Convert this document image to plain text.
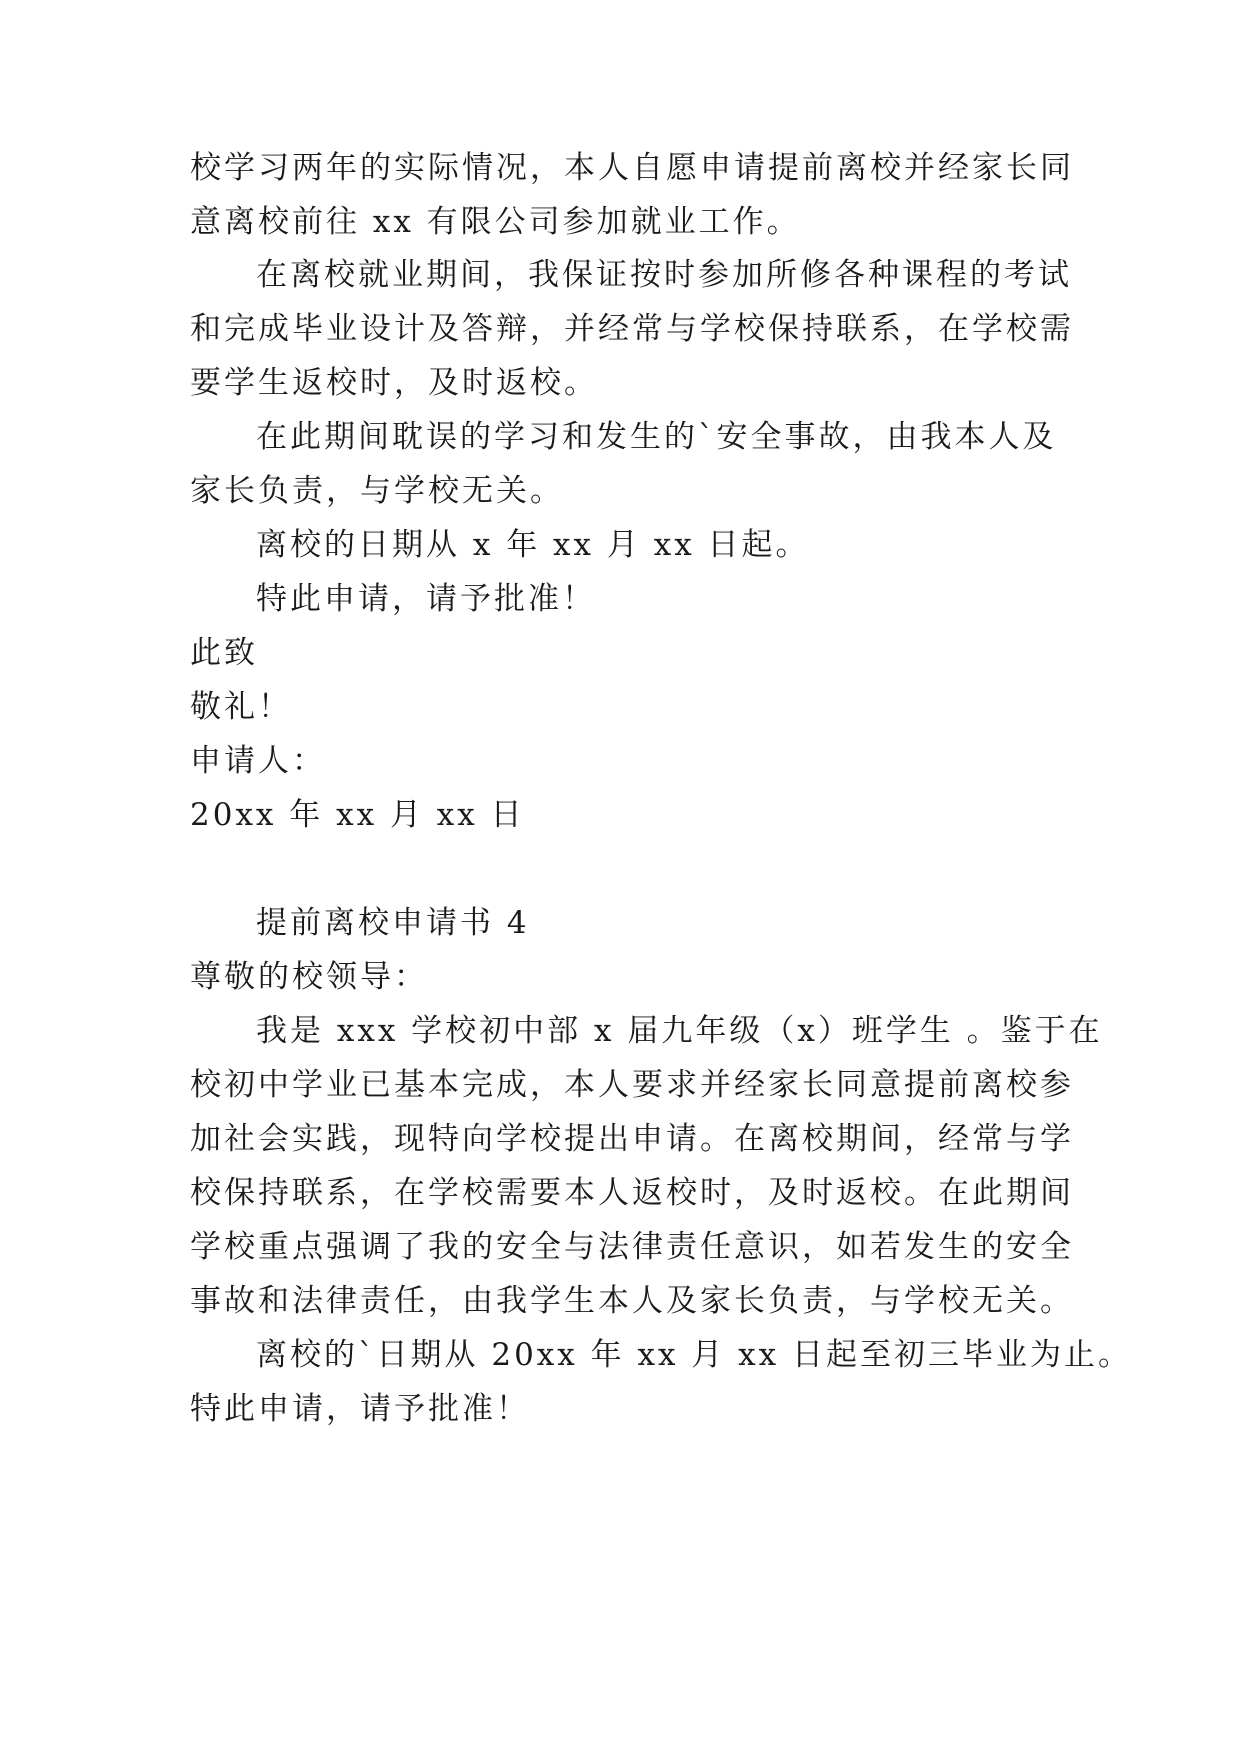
校学习两年的实际情况，本人自愿申请提前离校并经家长同
意离校前往 xx 有限公司参加就业工作。
在离校就业期间，我保证按时参加所修各种课程的考试
和完成毕业设计及答辩，并经常与学校保持联系，在学校需
要学生返校时，及时返校。
在此期间耽误的学习和发生的`安全事故，由我本人及
家长负责，与学校无关。
离校的日期从 x 年 xx 月 xx 日起。
特此申请，请予批准！
此致
敬礼！
申请人：
20xx 年 xx 月 xx 日
提前离校申请书 4
尊敬的校领导：
我是 xxx 学校初中部 x 届九年级（x）班学生 。鉴于在
校初中学业已基本完成，本人要求并经家长同意提前离校参
加社会实践，现特向学校提出申请。在离校期间，经常与学
校保持联系，在学校需要本人返校时，及时返校。在此期间
学校重点强调了我的安全与法律责任意识，如若发生的安全
事故和法律责任，由我学生本人及家长负责，与学校无关。
离校的`日期从 20xx 年 xx 月 xx 日起至初三毕业为止。
特此申请，请予批准！
